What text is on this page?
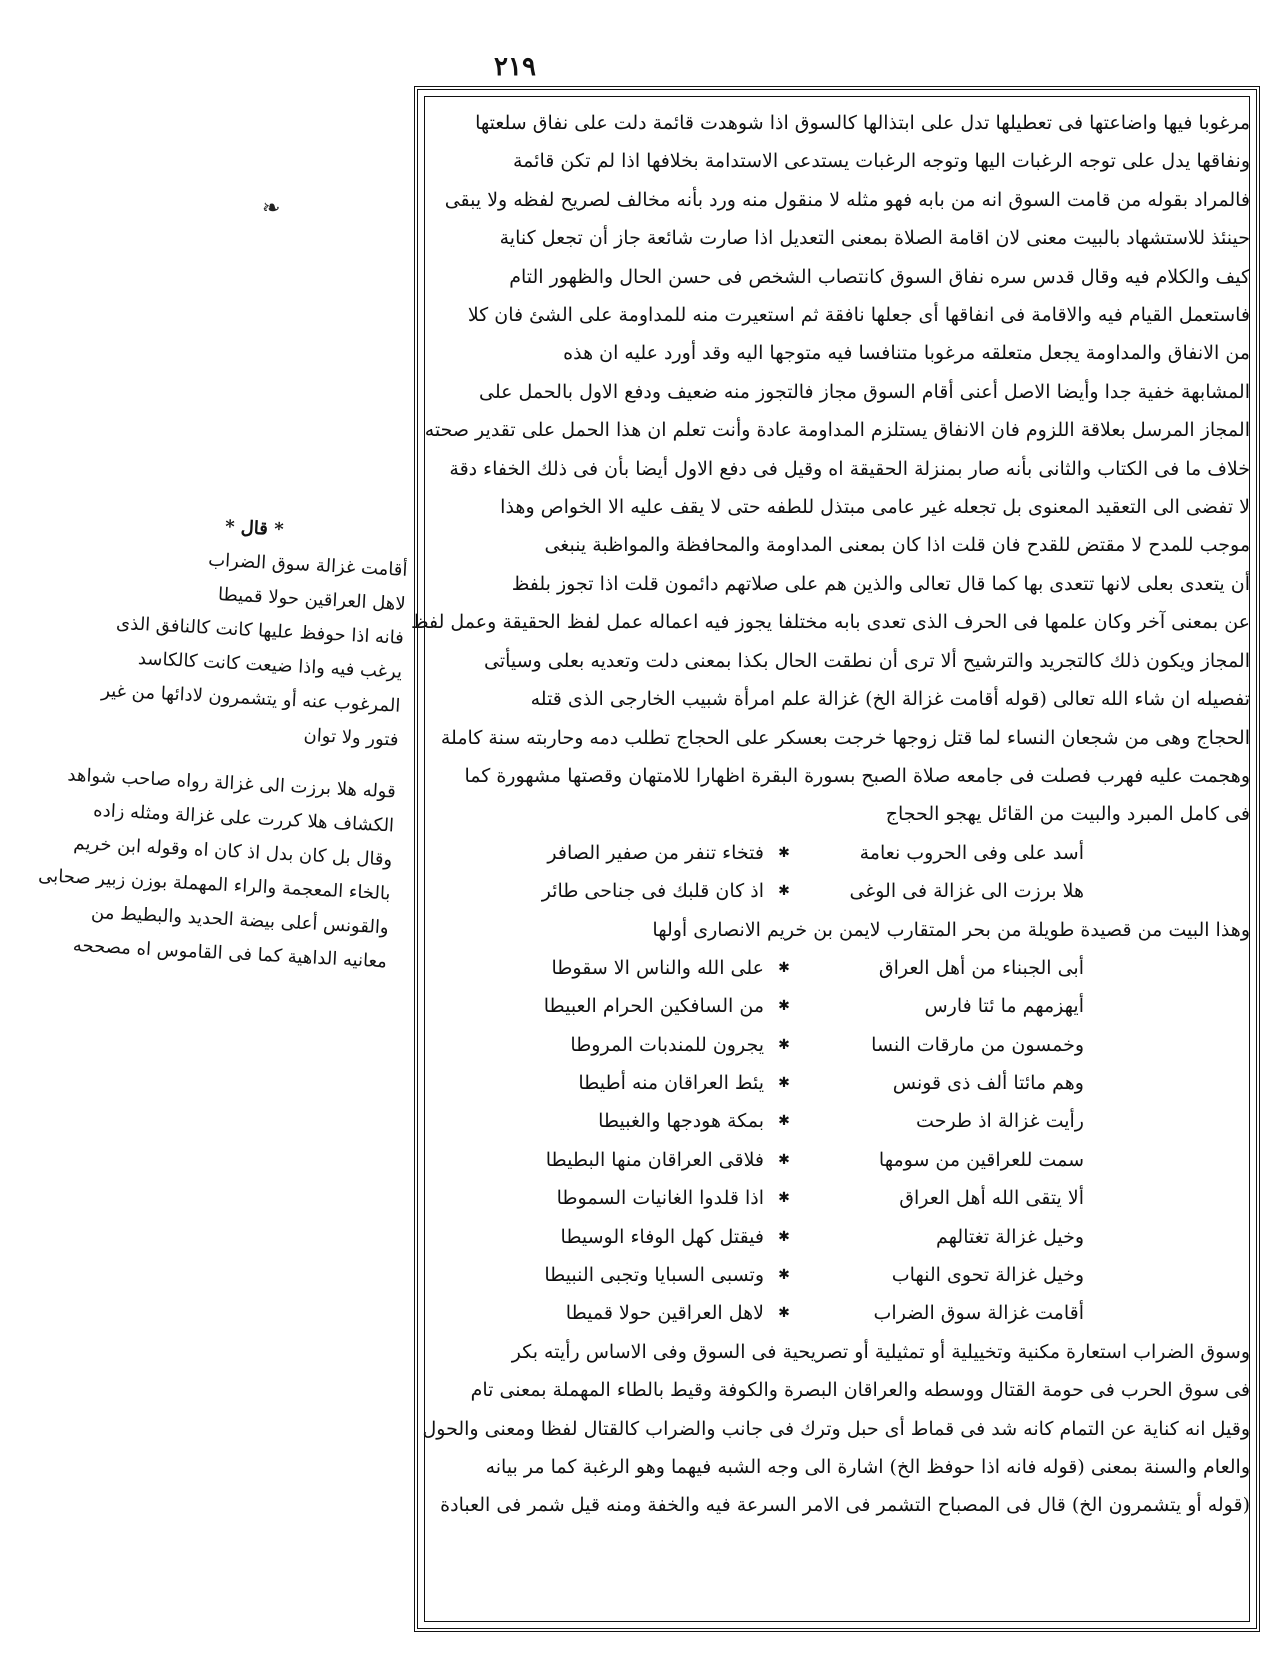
٢١٩
❧

مرغوبا فيها واضاعتها فى تعطيلها تدل على ابتذالها كالسوق اذا شوهدت قائمة دلت على نفاق سلعتها

ونفاقها يدل على توجه الرغبات اليها وتوجه الرغبات يستدعى الاستدامة بخلافها اذا لم تكن قائمة

فالمراد بقوله من قامت السوق انه من بابه فهو مثله لا منقول منه ورد بأنه مخالف لصريح لفظه ولا يبقى

حينئذ للاستشهاد بالبيت معنى لان اقامة الصلاة بمعنى التعديل اذا صارت شائعة جاز أن تجعل كناية

كيف والكلام فيه وقال قدس سره نفاق السوق كانتصاب الشخص فى حسن الحال والظهور التام

فاستعمل القيام فيه والاقامة فى انفاقها أى جعلها نافقة ثم استعيرت منه للمداومة على الشئ فان كلا

من الانفاق والمداومة يجعل متعلقه مرغوبا متنافسا فيه متوجها اليه وقد أورد عليه ان هذه

المشابهة خفية جدا وأيضا الاصل أعنى أقام السوق مجاز فالتجوز منه ضعيف ودفع الاول بالحمل على

المجاز المرسل بعلاقة اللزوم فان الانفاق يستلزم المداومة عادة وأنت تعلم ان هذا الحمل على تقدير صحته

خلاف ما فى الكتاب والثانى بأنه صار بمنزلة الحقيقة اه وقيل فى دفع الاول أيضا بأن فى ذلك الخفاء دقة

لا تفضى الى التعقيد المعنوى بل تجعله غير عامى مبتذل للطفه حتى لا يقف عليه الا الخواص وهذا

موجب للمدح لا مقتض للقدح فان قلت اذا كان بمعنى المداومة والمحافظة والمواظبة ينبغى

أن يتعدى بعلى لانها تتعدى بها كما قال تعالى والذين هم على صلاتهم دائمون قلت اذا تجوز بلفظ

عن بمعنى آخر وكان علمها فى الحرف الذى تعدى بابه مختلفا يجوز فيه اعماله عمل لفظ الحقيقة وعمل لفظ

المجاز ويكون ذلك كالتجريد والترشيح ألا ترى أن نطقت الحال بكذا بمعنى دلت وتعديه بعلى وسيأتى

تفصيله ان شاء الله تعالى (قوله أقامت غزالة الخ) غزالة علم امرأة شبيب الخارجى الذى قتله

الحجاج وهى من شجعان النساء لما قتل زوجها خرجت بعسكر على الحجاج تطلب دمه وحاربته سنة كاملة

وهجمت عليه فهرب فصلت فى جامعه صلاة الصبح بسورة البقرة اظهارا للامتهان وقصتها مشهورة كما

فى كامل المبرد والبيت من القائل يهجو الحجاج

أسد على وفى الحروب نعامة
✱
فتخاء تنفر من صفير الصافر
هلا برزت الى غزالة فى الوغى
✱
اذ كان قلبك فى جناحى طائر

وهذا البيت من قصيدة طويلة من بحر المتقارب لايمن بن خريم الانصارى أولها

أبى الجبناء من أهل العراق
✱
على الله والناس الا سقوطا
أيهزمهم ما ئتا فارس
✱
من السافكين الحرام العبيطا
وخمسون من مارقات النسا
✱
يجرون للمندبات المروطا
وهم مائتا ألف ذى قونس
✱
يئط العراقان منه أطيطا
رأيت غزالة اذ طرحت
✱
بمكة هودجها والغبيطا
سمت للعراقين من سومها
✱
فلاقى العراقان منها البطيطا
ألا يتقى الله أهل العراق
✱
اذا قلدوا الغانيات السموطا
وخيل غزالة تغتالهم
✱
فيقتل كهل الوفاء الوسيطا
وخيل غزالة تحوى النهاب
✱
وتسبى السبايا وتجبى النبيطا
أقامت غزالة سوق الضراب
✱
لاهل العراقين حولا قميطا

وسوق الضراب استعارة مكنية وتخييلية أو تمثيلية أو تصريحية فى السوق وفى الاساس رأيته بكر

فى سوق الحرب فى حومة القتال ووسطه والعراقان البصرة والكوفة وقيط بالطاء المهملة بمعنى تام

وقيل انه كناية عن التمام كانه شد فى قماط أى حبل وترك فى جانب والضراب كالقتال لفظا ومعنى والحول

والعام والسنة بمعنى (قوله فانه اذا حوفظ الخ) اشارة الى وجه الشبه فيهما وهو الرغبة كما مر بيانه

(قوله أو يتشمرون الخ) قال فى المصباح التشمر فى الامر السرعة فيه والخفة ومنه قيل شمر فى العبادة

* قال *

أقامت غزالة سوق الضراب

لاهل العراقين حولا قميطا

فانه اذا حوفظ عليها كانت كالنافق الذى

يرغب فيه واذا ضيعت كانت كالكاسد

المرغوب عنه أو يتشمرون لادائها من غير

فتور ولا توان

قوله هلا برزت الى غزالة رواه صاحب شواهد

الكشاف هلا كررت على غزالة ومثله زاده

وقال بل كان بدل اذ كان اه وقوله ابن خريم

بالخاء المعجمة والراء المهملة بوزن زبير صحابى

والقونس أعلى بيضة الحديد والبطيط من

معانيه الداهية كما فى القاموس اه مصححه
